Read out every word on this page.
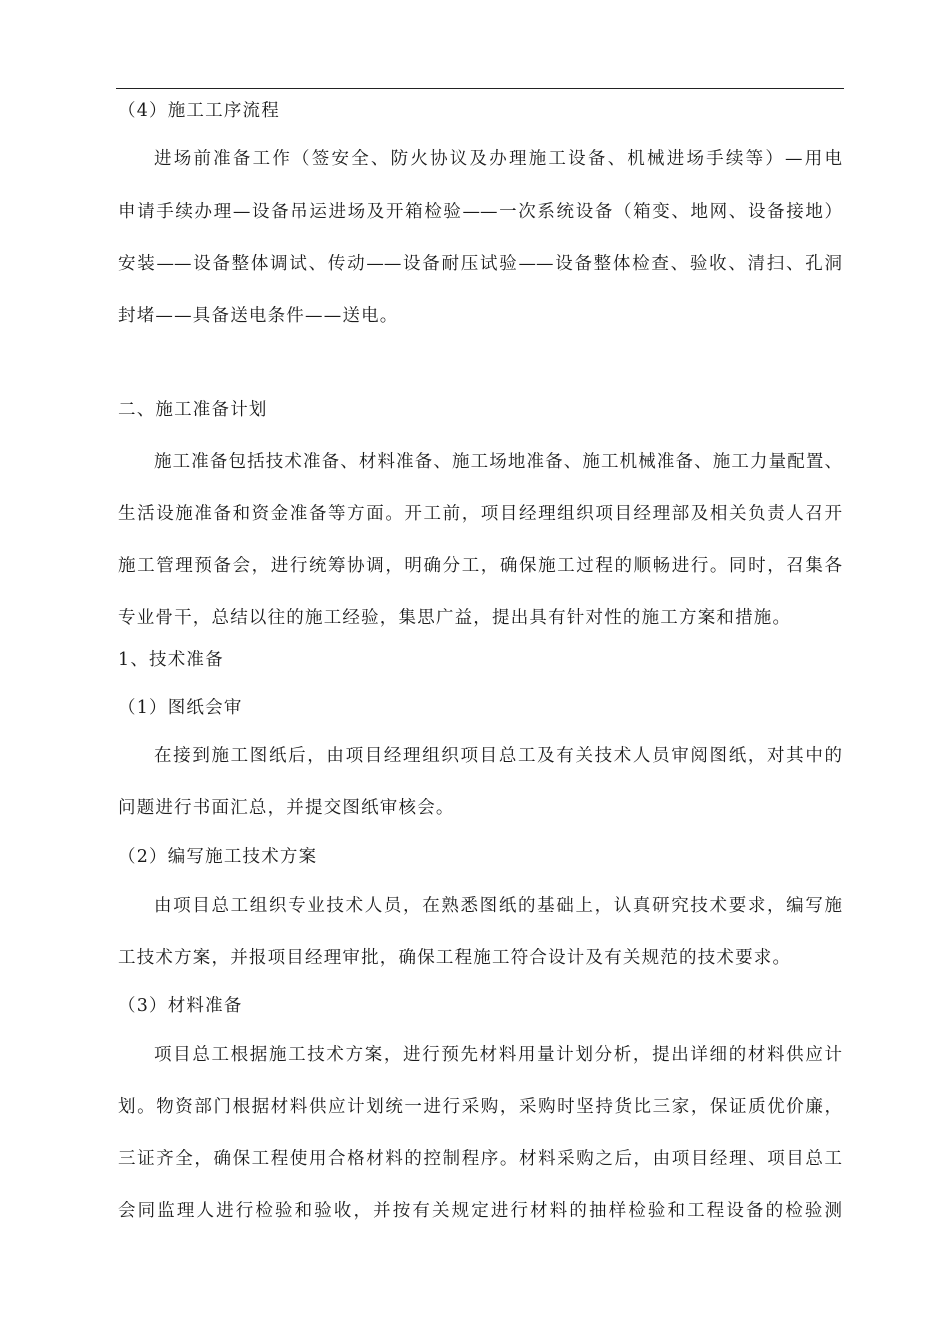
（4）施工工序流程
进场前准备工作（签安全、防火协议及办理施工设备、机械进场手续等）—用电
申请手续办理—设备吊运进场及开箱检验——一次系统设备（箱变、地网、设备接地）
安装——设备整体调试、传动——设备耐压试验——设备整体检查、验收、清扫、孔洞
封堵——具备送电条件——送电。
二、施工准备计划
施工准备包括技术准备、材料准备、施工场地准备、施工机械准备、施工力量配置、
生活设施准备和资金准备等方面。开工前，项目经理组织项目经理部及相关负责人召开
施工管理预备会，进行统筹协调，明确分工，确保施工过程的顺畅进行。同时，召集各
专业骨干，总结以往的施工经验，集思广益，提出具有针对性的施工方案和措施。
1、技术准备
（1）图纸会审
在接到施工图纸后，由项目经理组织项目总工及有关技术人员审阅图纸，对其中的
问题进行书面汇总，并提交图纸审核会。
（2）编写施工技术方案
由项目总工组织专业技术人员，在熟悉图纸的基础上，认真研究技术要求，编写施
工技术方案，并报项目经理审批，确保工程施工符合设计及有关规范的技术要求。
（3）材料准备
项目总工根据施工技术方案，进行预先材料用量计划分析，提出详细的材料供应计
划。物资部门根据材料供应计划统一进行采购，采购时坚持货比三家，保证质优价廉，
三证齐全，确保工程使用合格材料的控制程序。材料采购之后，由项目经理、项目总工
会同监理人进行检验和验收，并按有关规定进行材料的抽样检验和工程设备的检验测
